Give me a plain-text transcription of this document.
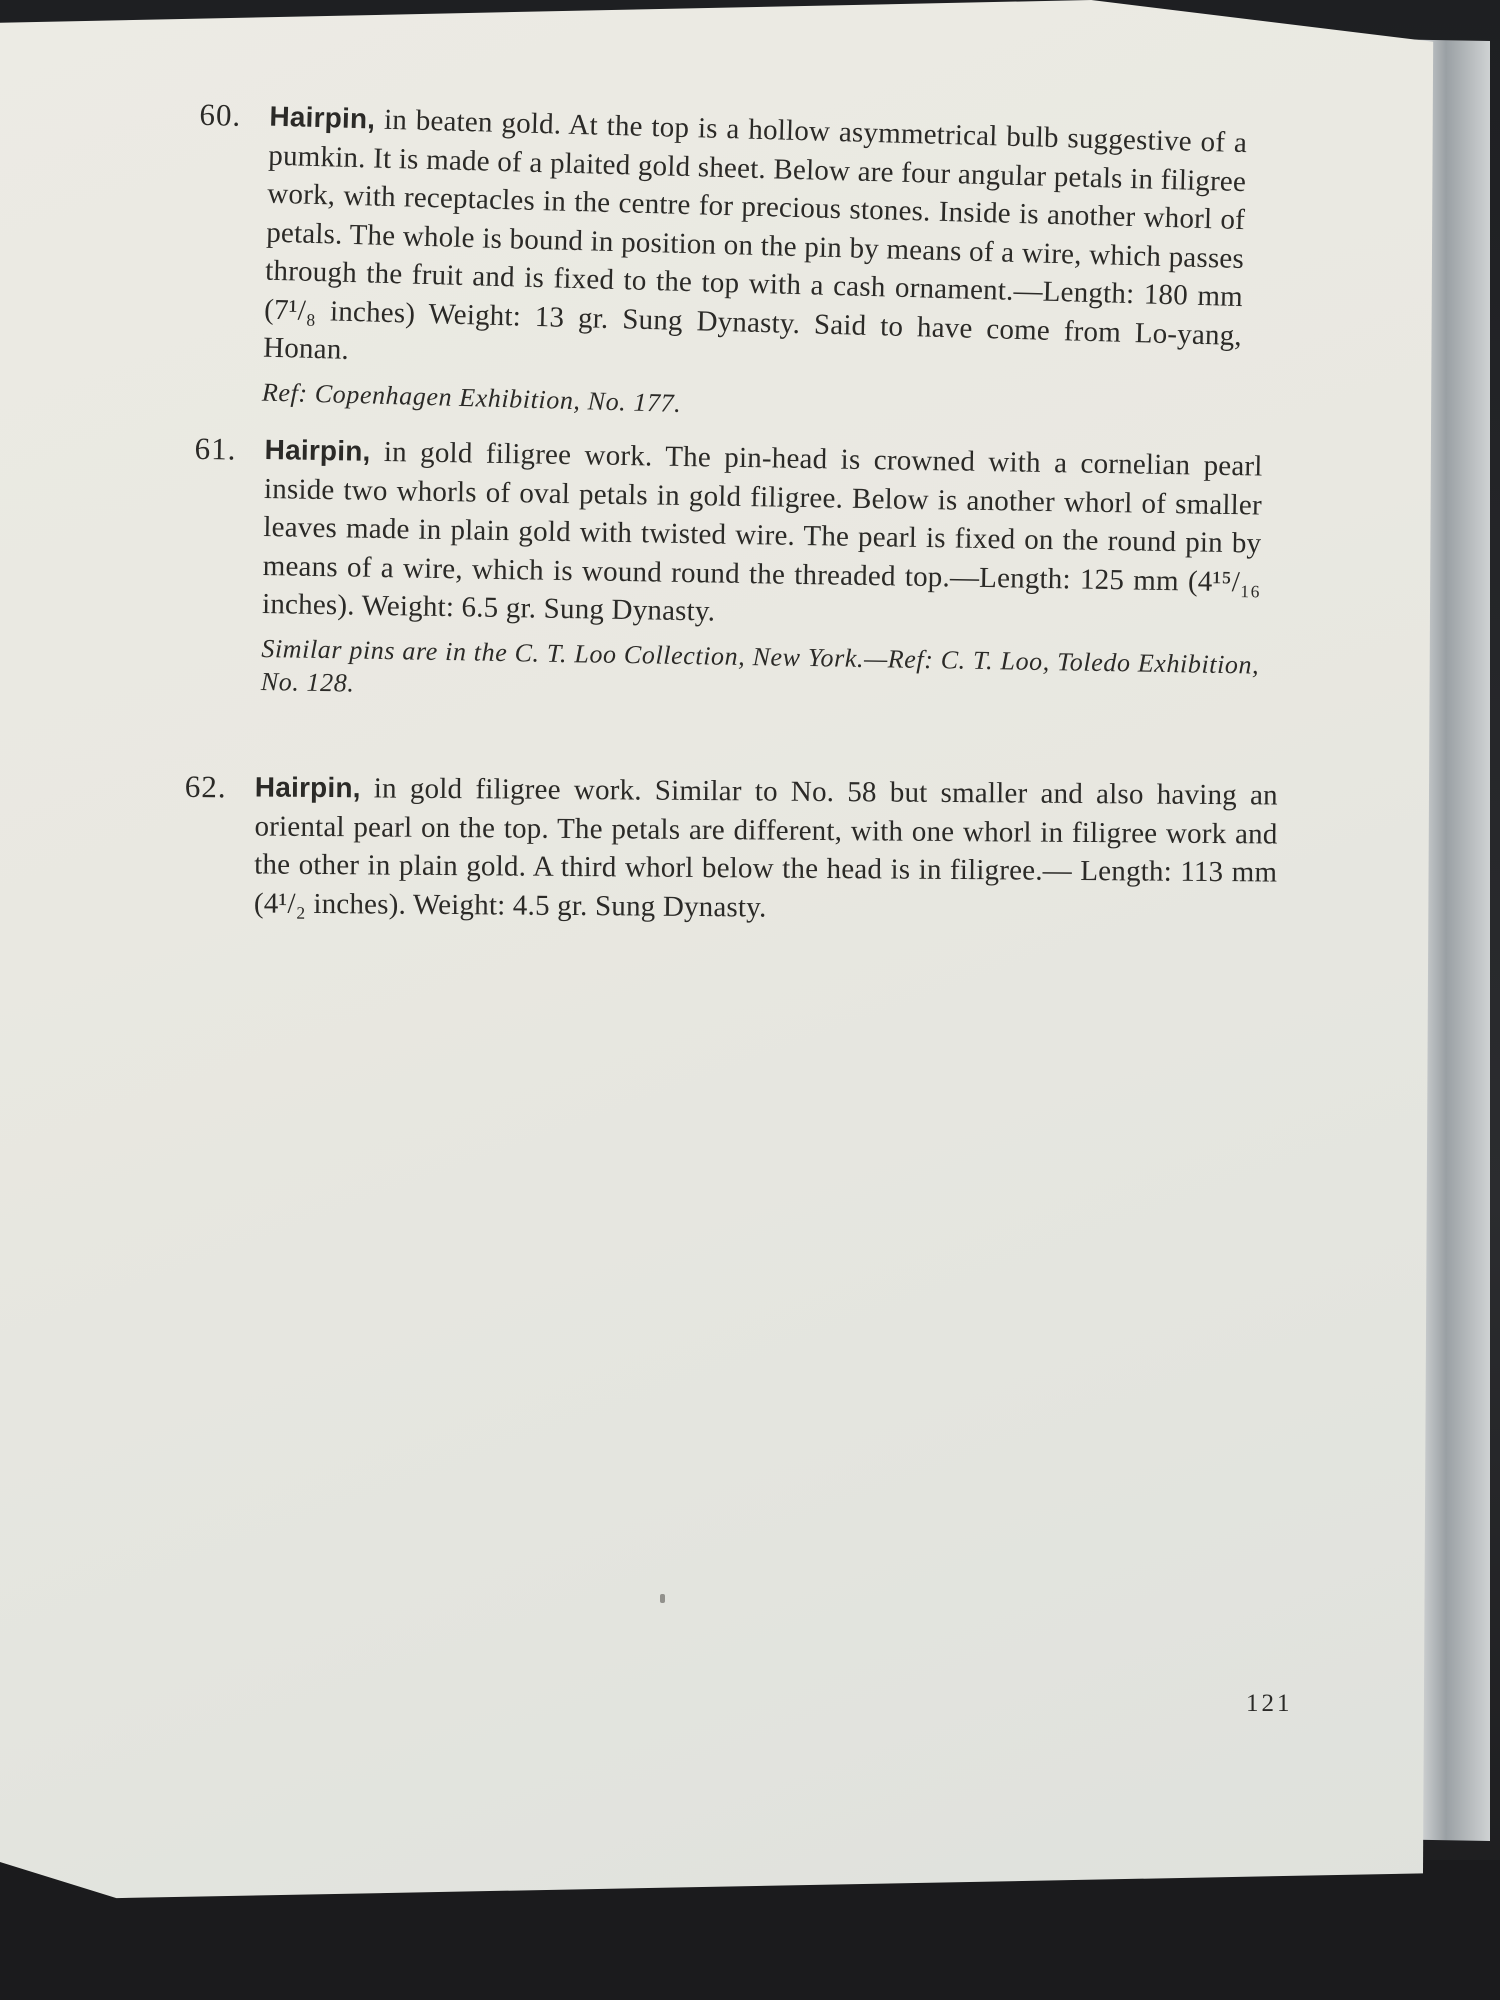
60. Hairpin, in beaten gold. At the top is a hollow asymmetrical bulb suggestive of a pumkin. It is made of a plaited gold sheet. Below are four angular petals in filigree work, with receptacles in the centre for precious stones. Inside is another whorl of petals. The whole is bound in position on the pin by means of a wire, which passes through the fruit and is fixed to the top with a cash ornament.—Length: 180 mm (7¹/₈ inches) Weight: 13 gr. Sung Dynasty. Said to have come from Lo-yang, Honan.
Ref: Copenhagen Exhibition, No. 177.
61. Hairpin, in gold filigree work. The pin-head is crowned with a cornelian pearl inside two whorls of oval petals in gold filigree. Below is another whorl of smaller leaves made in plain gold with twisted wire. The pearl is fixed on the round pin by means of a wire, which is wound round the threaded top.—Length: 125 mm (4¹⁵/₁₆ inches). Weight: 6.5 gr. Sung Dynasty.
Similar pins are in the C. T. Loo Collection, New York.—Ref: C. T. Loo, Toledo Exhibition, No. 128.
62. Hairpin, in gold filigree work. Similar to No. 58 but smaller and also having an oriental pearl on the top. The petals are different, with one whorl in filigree work and the other in plain gold. A third whorl below the head is in filigree.— Length: 113 mm (4¹/₂ inches). Weight: 4.5 gr. Sung Dynasty.
121
